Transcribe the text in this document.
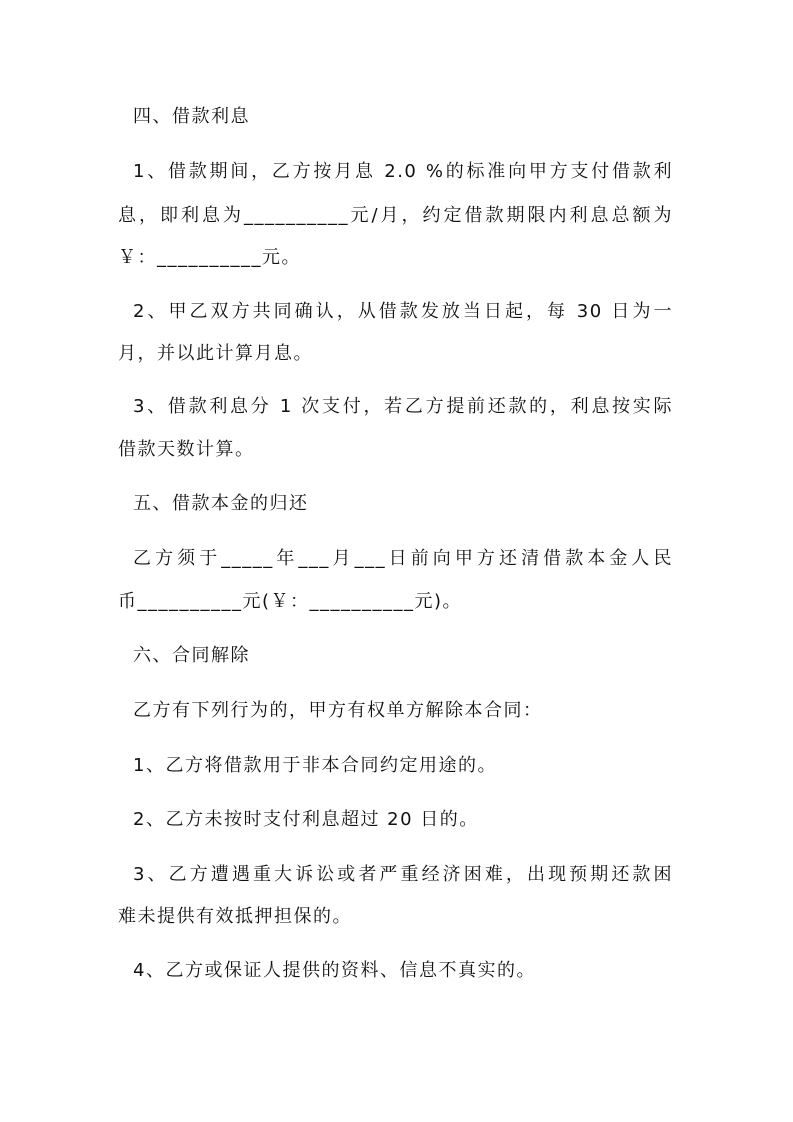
四、借款利息
1、借款期间，乙方按月息 2.0 %的标准向甲方支付借款利
息，即利息为__________元/月，约定借款期限内利息总额为
￥：__________元。
2、甲乙双方共同确认，从借款发放当日起，每 30 日为一
月，并以此计算月息。
3、借款利息分 1 次支付，若乙方提前还款的，利息按实际
借款天数计算。
五、借款本金的归还
乙方须于_____年___月___日前向甲方还清借款本金人民
币__________元(￥：__________元)。
六、合同解除
乙方有下列行为的，甲方有权单方解除本合同：
1、乙方将借款用于非本合同约定用途的。
2、乙方未按时支付利息超过 20 日的。
3、乙方遭遇重大诉讼或者严重经济困难，出现预期还款困
难未提供有效抵押担保的。
4、乙方或保证人提供的资料、信息不真实的。
